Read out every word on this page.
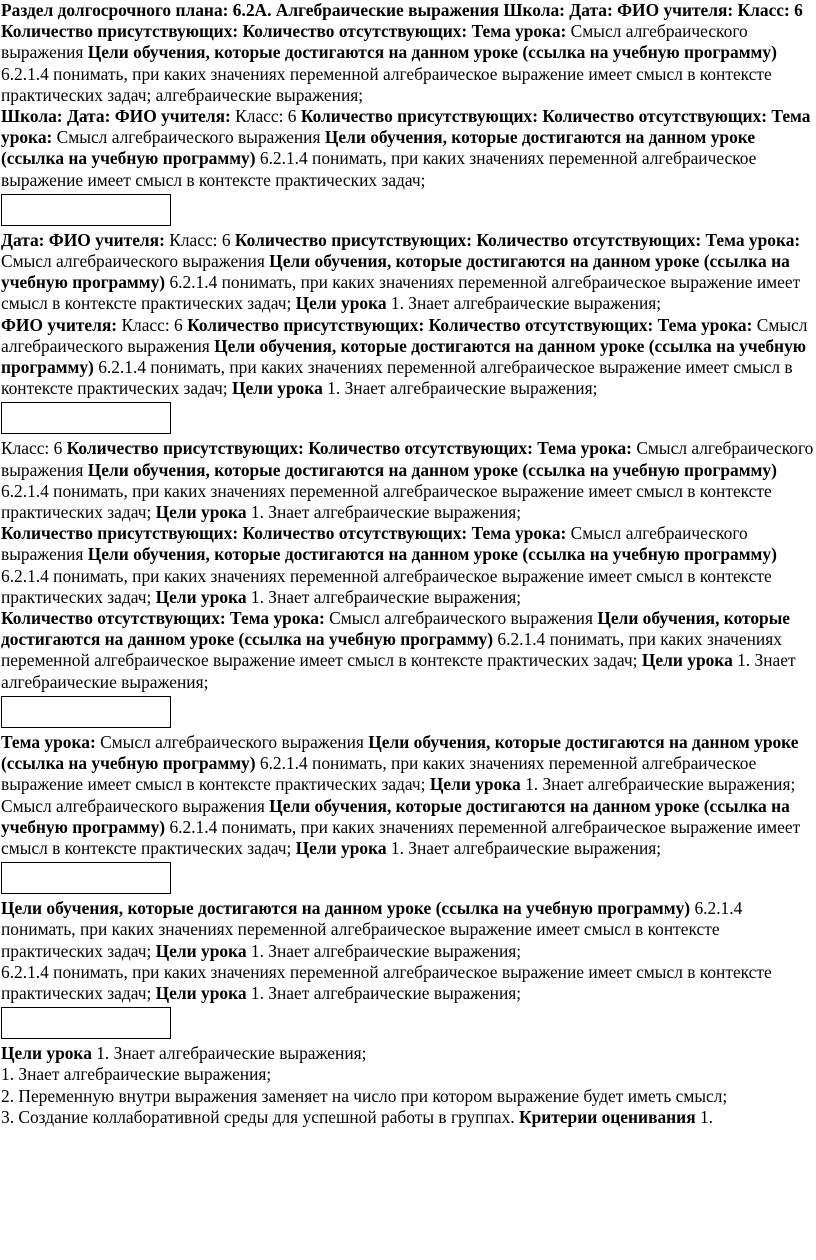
Раздел долгосрочного плана: 6.2А. Алгебраические выражения Школа: Дата: ФИО учителя: Класс: 6 Количество присутствующих: Количество отсутствующих: Тема урока: Смысл алгебраического выражения Цели обучения, которые достигаются на данном уроке (ссылка на учебную программу) 6.2.1.4 понимать, при каких значениях переменной алгебраическое выражение имеет смысл в контексте практических задач; алгебраические выражения;

Школа: Дата: ФИО учителя: Класс: 6 Количество присутствующих: Количество отсутствующих: Тема урока: Смысл алгебраического выражения Цели обучения, которые достигаются на данном уроке (ссылка на учебную программу) 6.2.1.4 понимать, при каких значениях переменной алгебраическое выражение имеет смысл в контексте практических задач;

Дата: ФИО учителя: Класс: 6 Количество присутствующих: Количество отсутствующих: Тема урока: Смысл алгебраического выражения Цели обучения, которые достигаются на данном уроке (ссылка на учебную программу) 6.2.1.4 понимать, при каких значениях переменной алгебраическое выражение имеет смысл в контексте практических задач; Цели урока 1. Знает алгебраические выражения;

ФИО учителя: Класс: 6 Количество присутствующих: Количество отсутствующих: Тема урока: Смысл алгебраического выражения Цели обучения, которые достигаются на данном уроке (ссылка на учебную программу) 6.2.1.4 понимать, при каких значениях переменной алгебраическое выражение имеет смысл в контексте практических задач; Цели урока 1. Знает алгебраические выражения;

Класс: 6 Количество присутствующих: Количество отсутствующих: Тема урока: Смысл алгебраического выражения Цели обучения, которые достигаются на данном уроке (ссылка на учебную программу) 6.2.1.4 понимать, при каких значениях переменной алгебраическое выражение имеет смысл в контексте практических задач; Цели урока 1. Знает алгебраические выражения;

Количество присутствующих: Количество отсутствующих: Тема урока: Смысл алгебраического выражения Цели обучения, которые достигаются на данном уроке (ссылка на учебную программу) 6.2.1.4 понимать, при каких значениях переменной алгебраическое выражение имеет смысл в контексте практических задач; Цели урока 1. Знает алгебраические выражения;

Количество отсутствующих: Тема урока: Смысл алгебраического выражения Цели обучения, которые достигаются на данном уроке (ссылка на учебную программу) 6.2.1.4 понимать, при каких значениях переменной алгебраическое выражение имеет смысл в контексте практических задач; Цели урока 1. Знает алгебраические выражения;

Тема урока: Смысл алгебраического выражения Цели обучения, которые достигаются на данном уроке (ссылка на учебную программу) 6.2.1.4 понимать, при каких значениях переменной алгебраическое выражение имеет смысл в контексте практических задач; Цели урока 1. Знает алгебраические выражения;

Смысл алгебраического выражения Цели обучения, которые достигаются на данном уроке (ссылка на учебную программу) 6.2.1.4 понимать, при каких значениях переменной алгебраическое выражение имеет смысл в контексте практических задач; Цели урока 1. Знает алгебраические выражения;

Цели обучения, которые достигаются на данном уроке (ссылка на учебную программу) 6.2.1.4 понимать, при каких значениях переменной алгебраическое выражение имеет смысл в контексте практических задач; Цели урока 1. Знает алгебраические выражения;

6.2.1.4 понимать, при каких значениях переменной алгебраическое выражение имеет смысл в контексте практических задач; Цели урока 1. Знает алгебраические выражения;

Цели урока 1. Знает алгебраические выражения;

1. Знает алгебраические выражения;

2. Переменную внутри выражения заменяет на число при котором выражение будет иметь смысл;

3. Создание коллаборативной среды для успешной работы в группах. Критерии оценивания 1.
